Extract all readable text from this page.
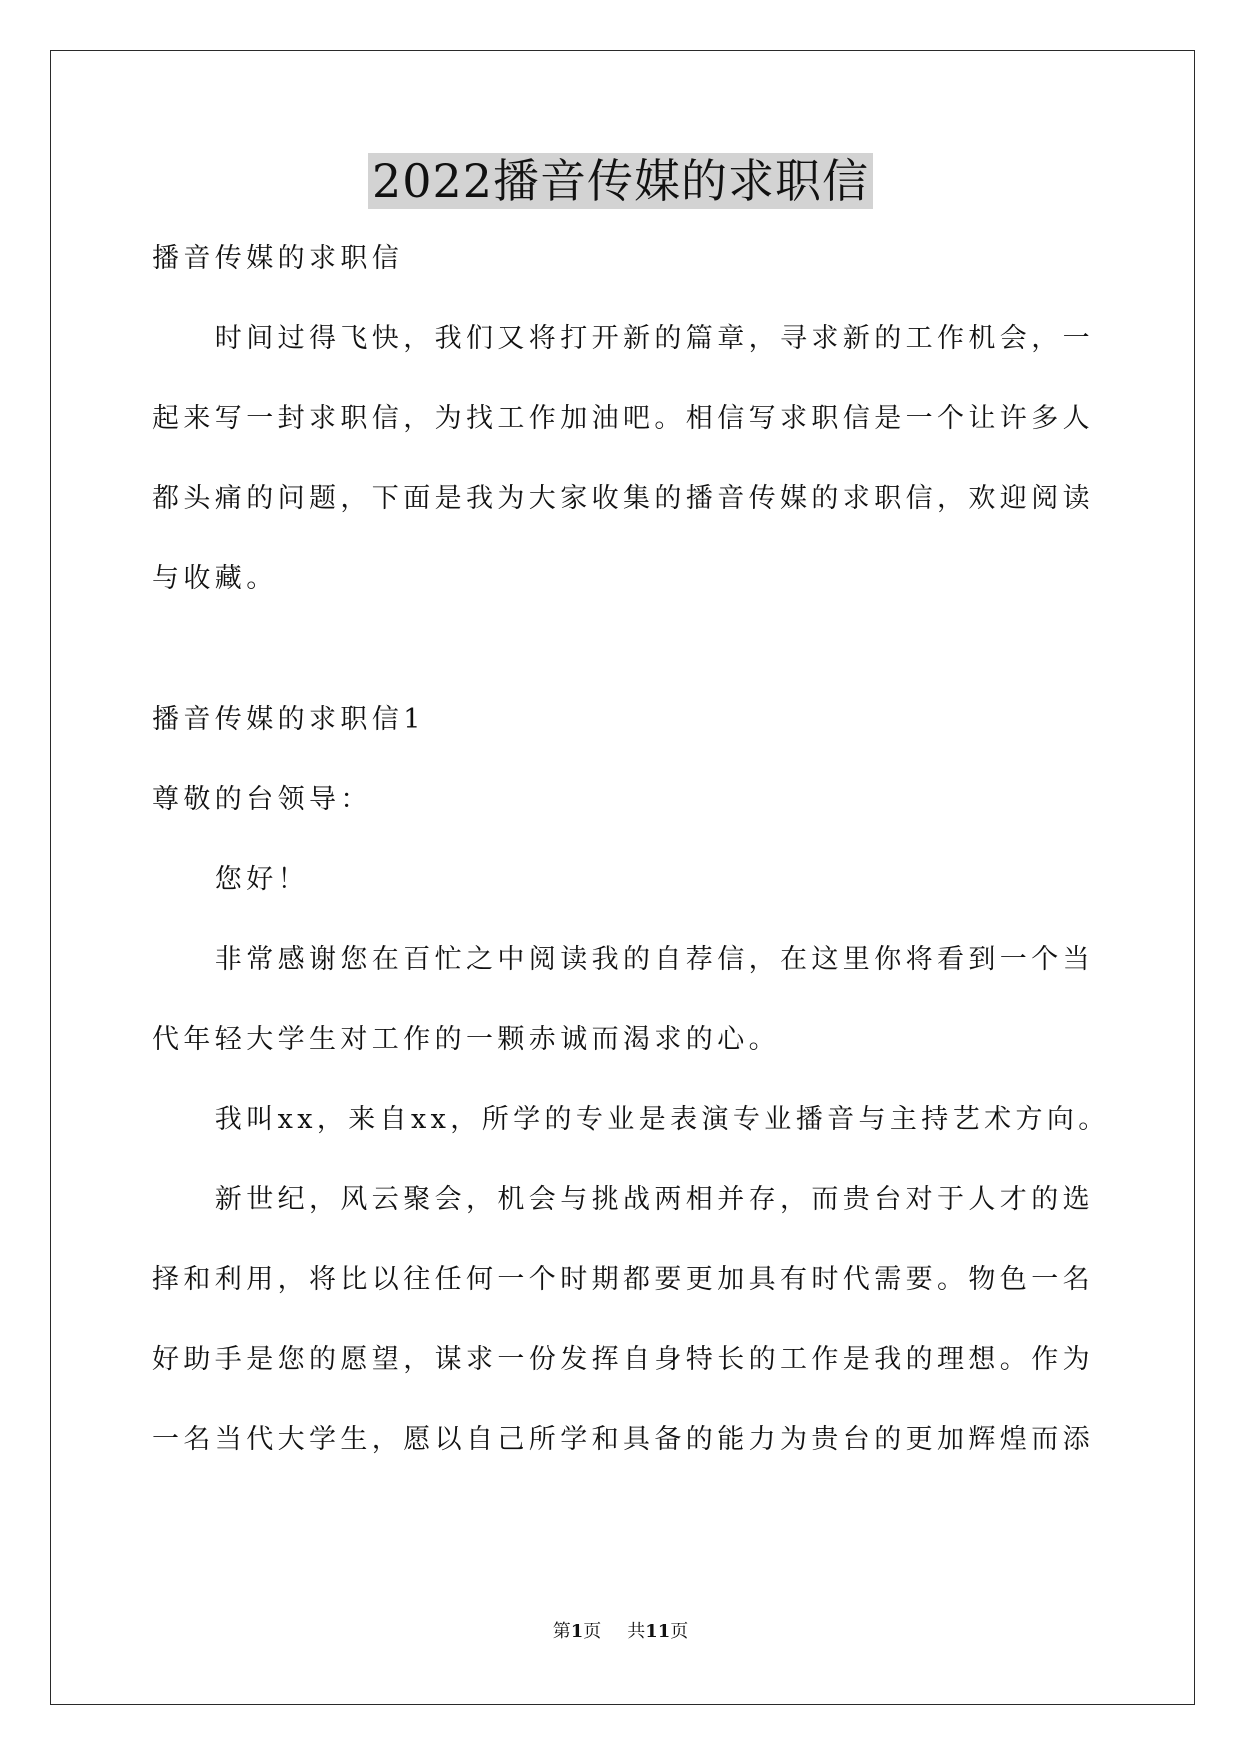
2022播音传媒的求职信
播音传媒的求职信
　　时间过得飞快，我们又将打开新的篇章，寻求新的工作机会，一
起来写一封求职信，为找工作加油吧。相信写求职信是一个让许多人
都头痛的问题，下面是我为大家收集的播音传媒的求职信，欢迎阅读
与收藏。
播音传媒的求职信1
尊敬的台领导：
　　您好！
　　非常感谢您在百忙之中阅读我的自荐信，在这里你将看到一个当
代年轻大学生对工作的一颗赤诚而渴求的心。
　　我叫xx，来自xx，所学的专业是表演专业播音与主持艺术方向。
　　新世纪，风云聚会，机会与挑战两相并存，而贵台对于人才的选
择和利用，将比以往任何一个时期都要更加具有时代需要。物色一名
好助手是您的愿望，谋求一份发挥自身特长的工作是我的理想。作为
一名当代大学生，愿以自己所学和具备的能力为贵台的更加辉煌而添
第1页 共11页
